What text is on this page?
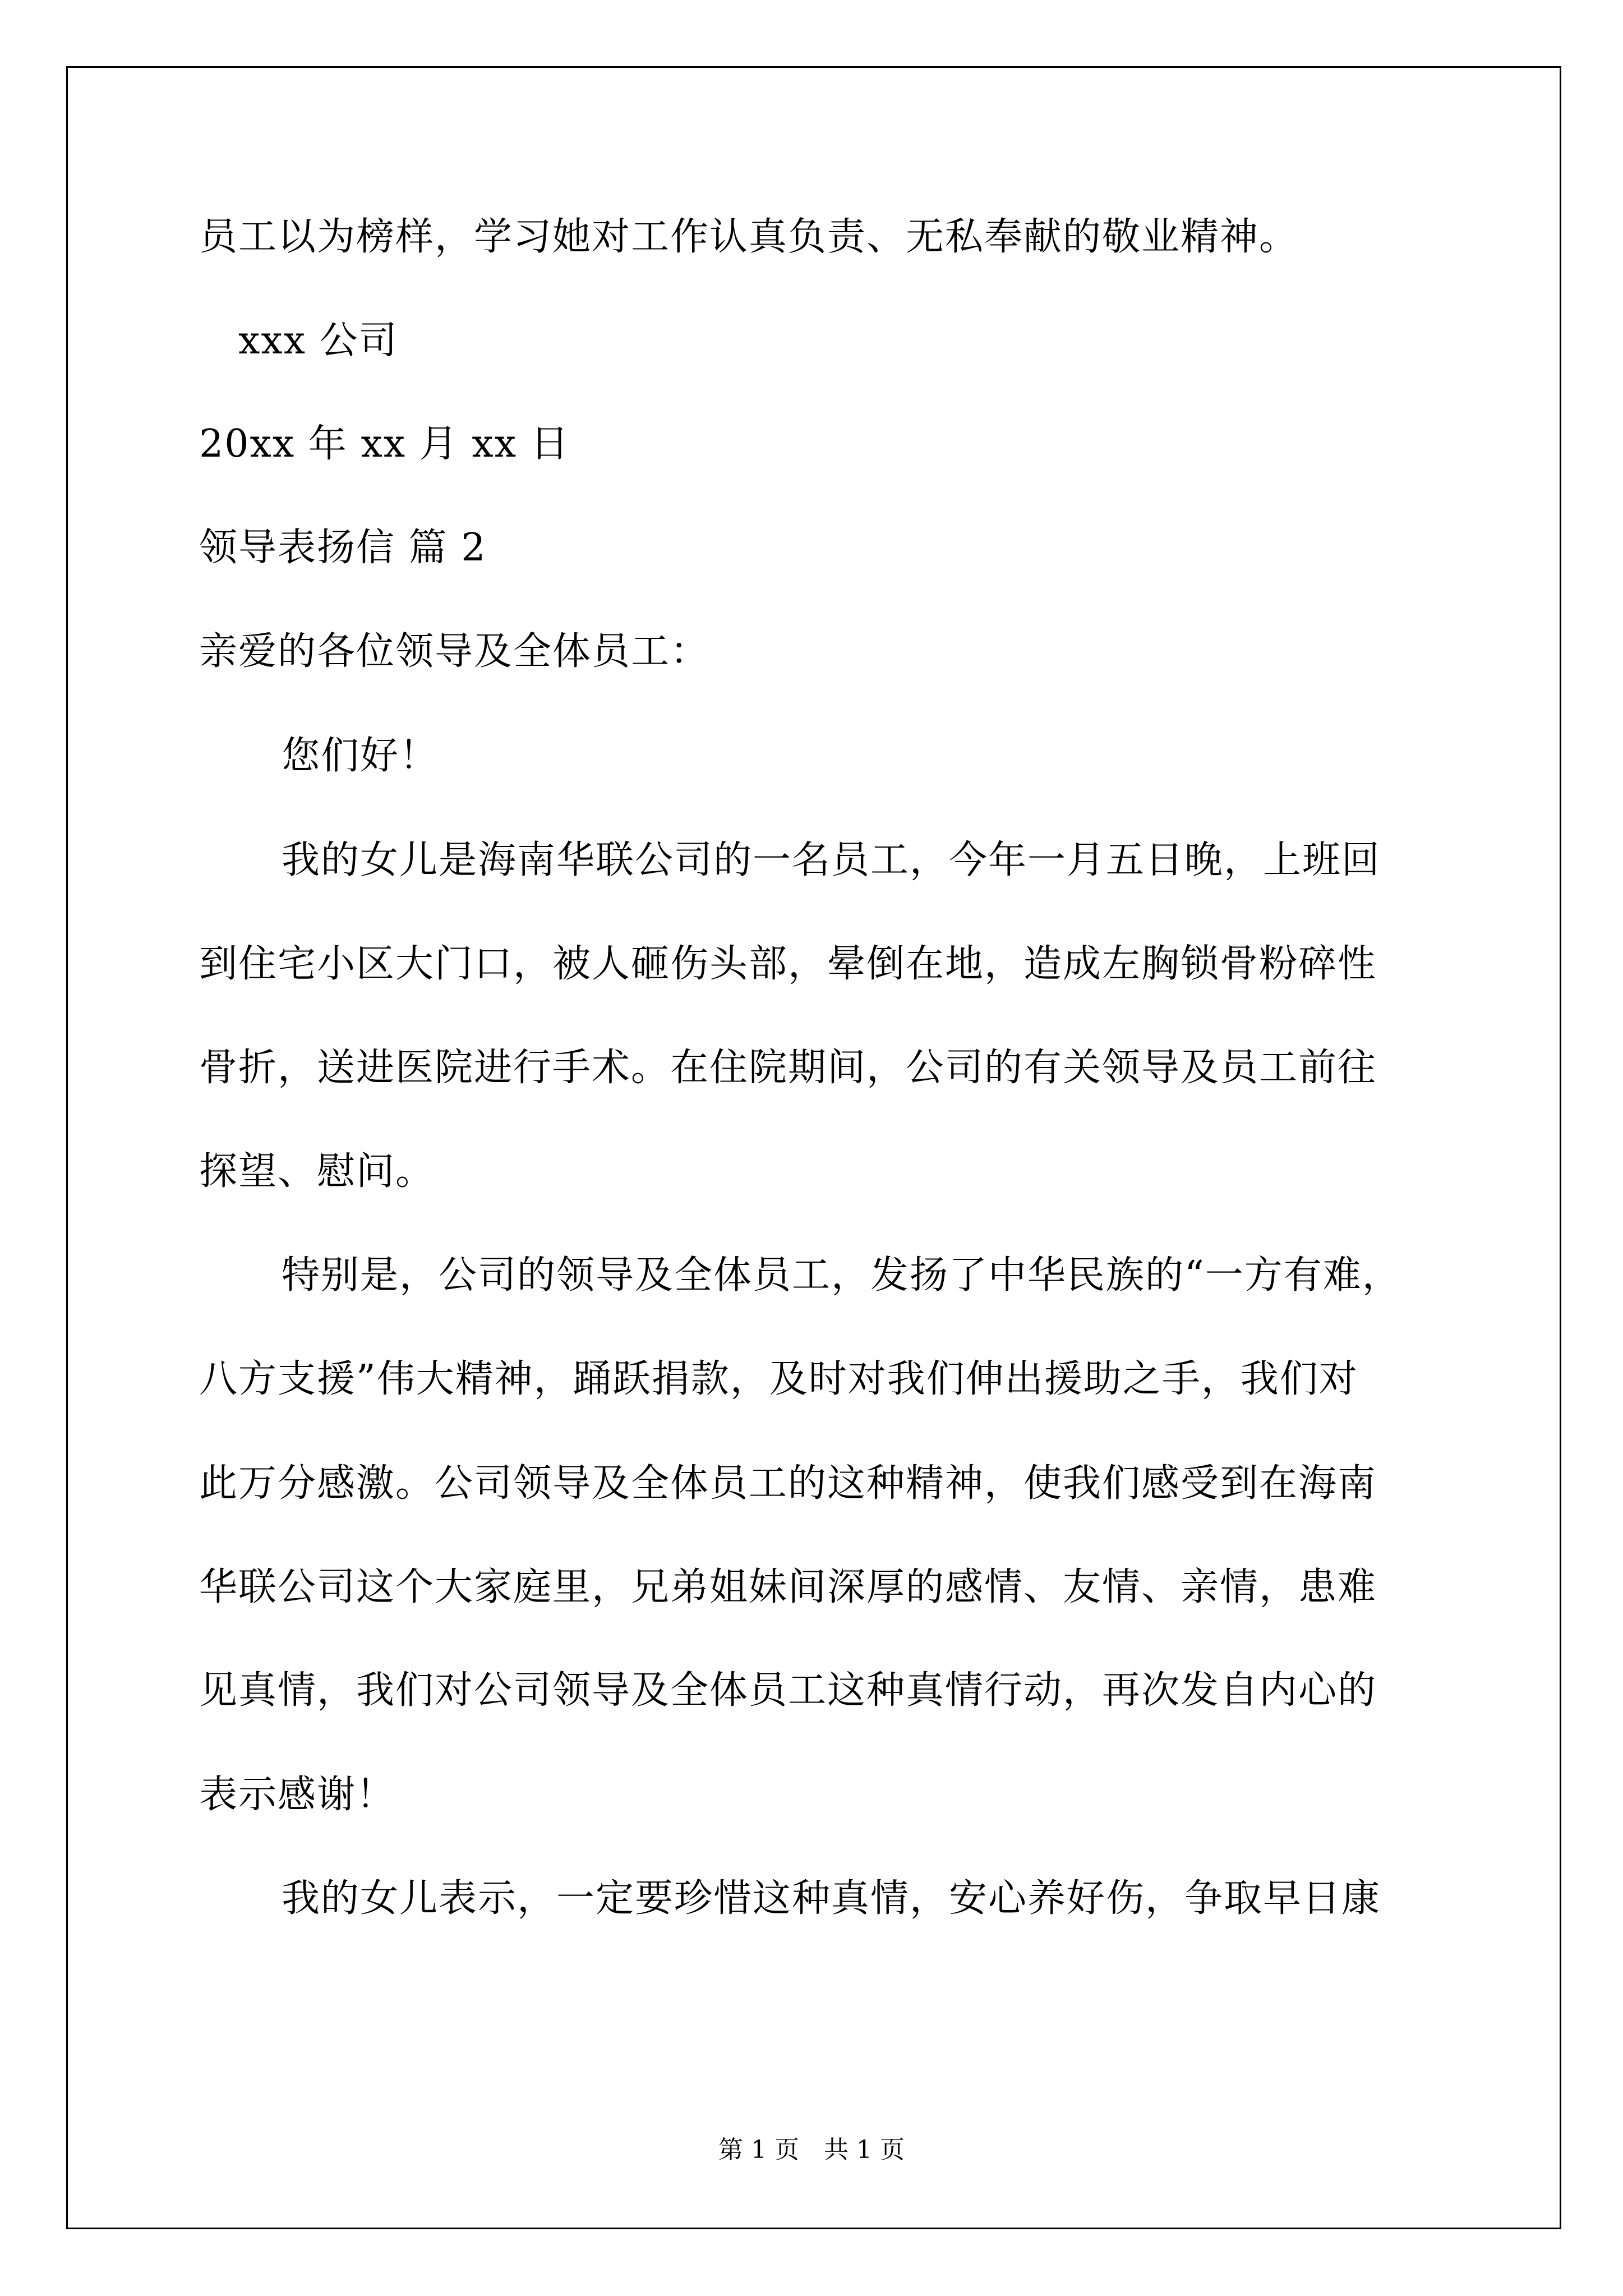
员工以为榜样，学习她对工作认真负责、无私奉献的敬业精神。

xxx 公司

20xx 年 xx 月 xx 日

领导表扬信 篇 2

亲爱的各位领导及全体员工：

您们好！

我的女儿是海南华联公司的一名员工，今年一月五日晚，上班回

到住宅小区大门口，被人砸伤头部，晕倒在地，造成左胸锁骨粉碎性

骨折，送进医院进行手术。在住院期间，公司的有关领导及员工前往

探望、慰问。

特别是，公司的领导及全体员工，发扬了中华民族的“一方有难，

八方支援”伟大精神，踊跃捐款，及时对我们伸出援助之手，我们对

此万分感激。公司领导及全体员工的这种精神，使我们感受到在海南

华联公司这个大家庭里，兄弟姐妹间深厚的感情、友情、亲情，患难

见真情，我们对公司领导及全体员工这种真情行动，再次发自内心的

表示感谢！

我的女儿表示，一定要珍惜这种真情，安心养好伤，争取早日康

第 1 页　共 1 页
